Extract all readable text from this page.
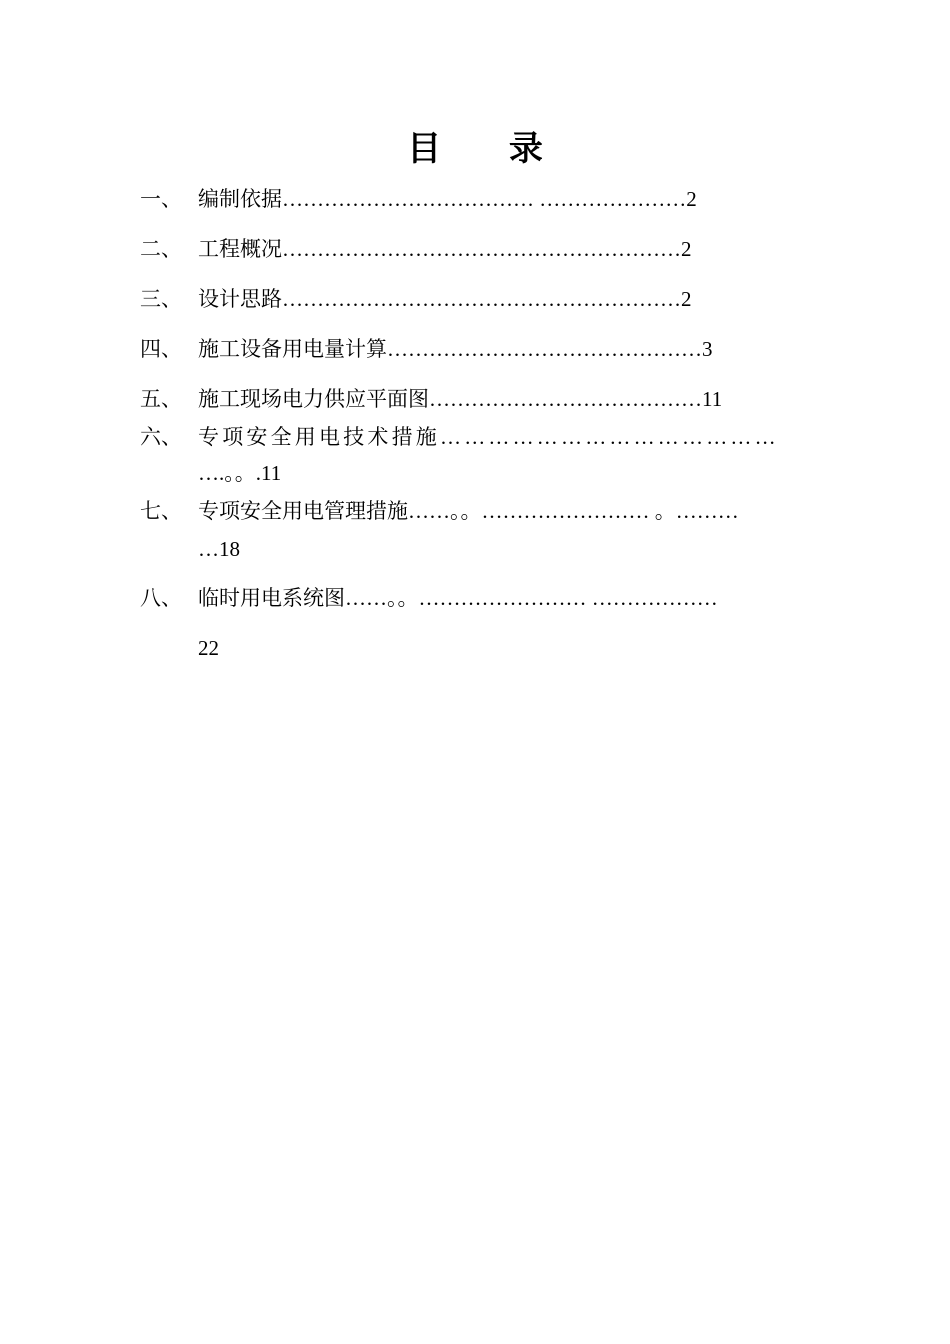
目 录
一、 编制依据……………………………… …………………2
二、 工程概况…………………………………………………2
三、 设计思路…………………………………………………2
四、 施工设备用电量计算………………………………………3
五、 施工现场电力供应平面图…………………………………11
六、 专项安全用电技术措施……………………………………
….。。.11
七、 专项安全用电管理措施……。。…………………… 。………
…18
八、 临时用电系统图……。。…………………… ………………
22
